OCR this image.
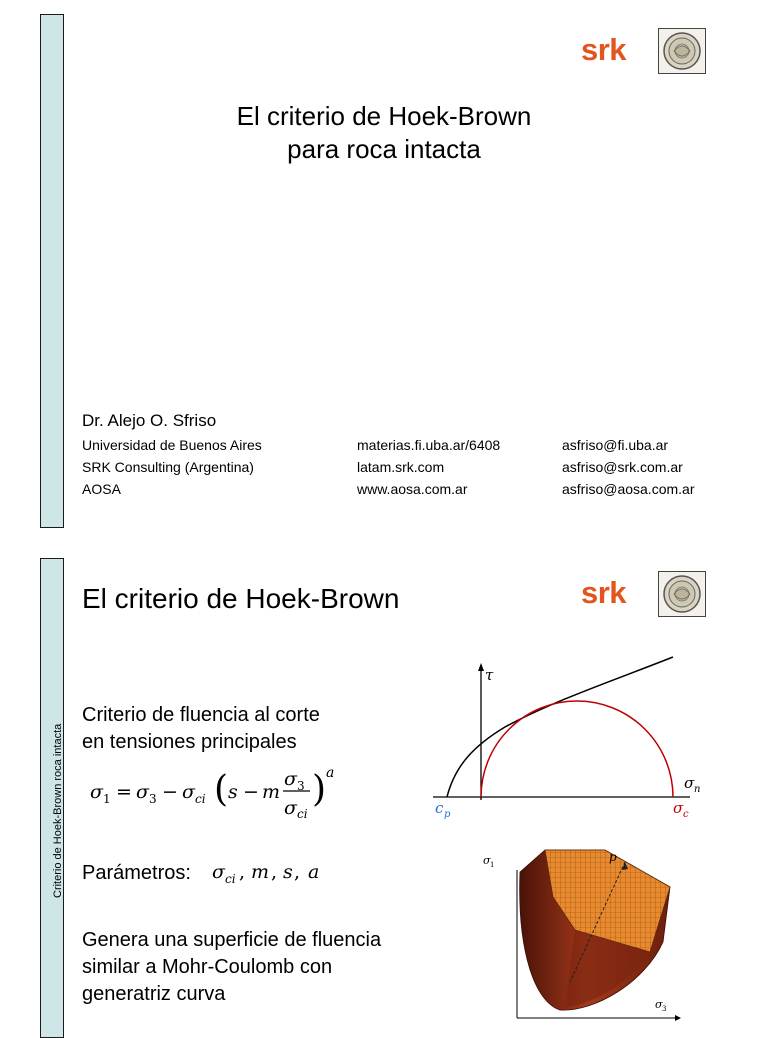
srk
El criterio de Hoek-Brown
para roca intacta
Dr. Alejo O. Sfriso
Universidad de Buenos Aires
SRK Consulting (Argentina)
AOSA
materias.fi.uba.ar/6408
latam.srk.com
www.aosa.com.ar
asfriso@fi.uba.ar
asfriso@srk.com.ar
asfriso@aosa.com.ar
Criterio de Hoek-Brown roca intacta
srk
El criterio de Hoek-Brown
Criterio de fluencia al corte
en tensiones principales
σ 1 = σ 3 − σ ci ( s − m
σ 3
σ ci
) a
Parámetros: σ ci , m , s , a
Genera una superficie de fluencia
similar a Mohr-Coulomb con
generatriz curva
τ
σ n
c p	σ c
σ 1
p
σ 3
